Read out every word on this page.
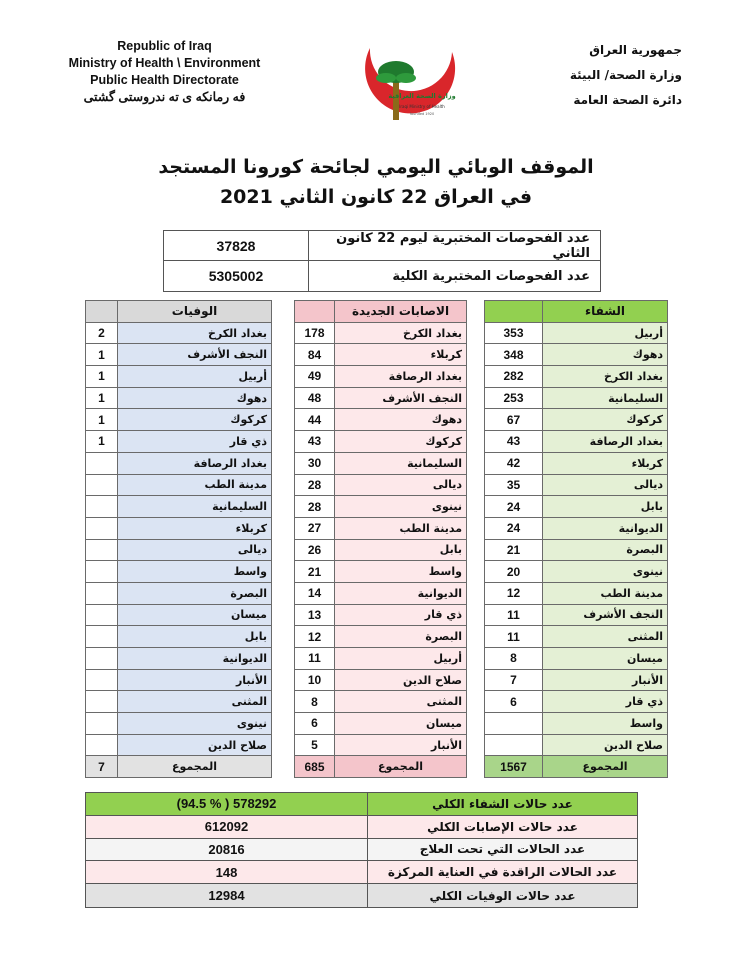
Republic of Iraq
Ministry of Health \ Environment
Public Health Directorate
فه رمانكه ى ته ندروستى گشتى
جمهورية العراق
وزارة الصحة/ البيئة
دائرة الصحة العامة
وزارة الصحة العراقية
Iraqi Ministry of Health
founded 1920
الموقف الوبائي اليومي لجائحة كورونا المستجد
في العراق 22 كانون الثاني 2021
37828	عدد الفحوصات المختبرية ليوم 22 كانون الثاني
5305002	عدد الفحوصات المختبرية الكلية
	الوفيات
2	بغداد الكرخ
1	النجف الأشرف
1	أربيل
1	دهوك
1	كركوك
1	ذي قار
	بغداد الرصافة
	مدينة الطب
	السليمانية
	كربلاء
	ديالى
	واسط
	البصرة
	ميسان
	بابل
	الديوانية
	الأنبار
	المثنى
	نينوى
	صلاح الدين
7	المجموع
	الاصابات الجديدة
178	بغداد الكرخ
84	كربلاء
49	بغداد الرصافة
48	النجف الأشرف
44	دهوك
43	كركوك
30	السليمانية
28	ديالى
28	نينوى
27	مدينة الطب
26	بابل
21	واسط
14	الديوانية
13	ذي قار
12	البصرة
11	أربيل
10	صلاح الدين
8	المثنى
6	ميسان
5	الأنبار
685	المجموع
	الشفاء
353	أربيل
348	دهوك
282	بغداد الكرخ
253	السليمانية
67	كركوك
43	بغداد الرصافة
42	كربلاء
35	ديالى
24	بابل
24	الديوانية
21	البصرة
20	نينوى
12	مدينة الطب
11	النجف الأشرف
11	المثنى
8	ميسان
7	الأنبار
6	ذي قار
	واسط
	صلاح الدين
1567	المجموع
(94.5 % ) 578292	عدد حالات الشفاء الكلي
612092	عدد حالات الإصابات الكلي
20816	عدد الحالات التي تحت العلاج
148	عدد الحالات الراقدة في العناية المركزة
12984	عدد حالات الوفيات الكلي
